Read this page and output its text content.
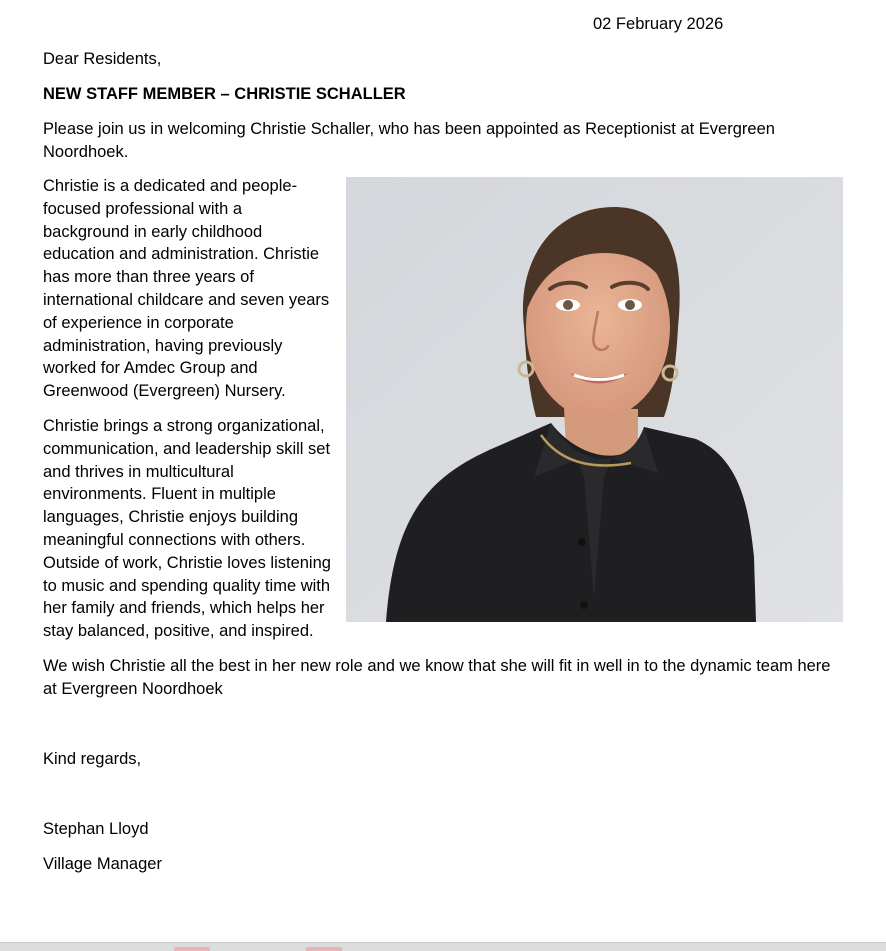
02 February 2026
Dear Residents,
NEW STAFF MEMBER – CHRISTIE SCHALLER
Please join us in welcoming Christie Schaller, who has been appointed as Receptionist at Evergreen Noordhoek.

Christie is a dedicated and people-focused professional with a background in early childhood education and administration. Christie has more than three years of international childcare and seven years of experience in corporate administration, having previously worked for Amdec Group and Greenwood (Evergreen) Nursery.

Christie brings a strong organizational, communication, and leadership skill set and thrives in multicultural environments. Fluent in multiple languages, Christie enjoys building meaningful connections with others. Outside of work, Christie loves listening to music and spending quality time with her family and friends, which helps her stay balanced, positive, and inspired.

We wish Christie all the best in her new role and we know that she will fit in well in to the dynamic team here at Evergreen Noordhoek
Kind regards,
Stephan Lloyd
Village Manager
